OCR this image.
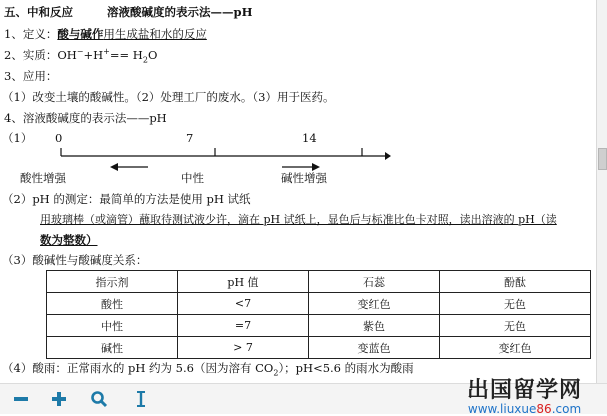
五、中和反应	溶液酸碱度的表示法——pH
1、定义：酸与碱作用生成盐和水的反应
2、实质：$OH^-+H^+== H_2O$
3、应用：
（1）改变土壤的酸碱性。（2）处理工厂的废水。（3）用于医药。
4、溶液酸碱度的表示法——pH
（1） 0	7	14
酸性增强	中性	碱性增强
（2）pH 的测定：最简单的方法是使用 pH 试纸
用玻璃棒（或滴管）蘸取待测试液少许，滴在 pH 试纸上，显色后与标准比色卡对照，读出溶液的 pH（读
数为整数）
（3）酸碱性与酸碱度关系：
指示剂	pH 值	石蕊	酚酞
酸性	<7	变红色	无色
中性	=7	紫色	无色
碱性	> 7	变蓝色	变红色
（4）酸雨：正常雨水的 pH 约为 5.6（因为溶有 $CO_2$）；pH<5.6 的雨水为酸雨
出国留学网
www.liuxue86.com
